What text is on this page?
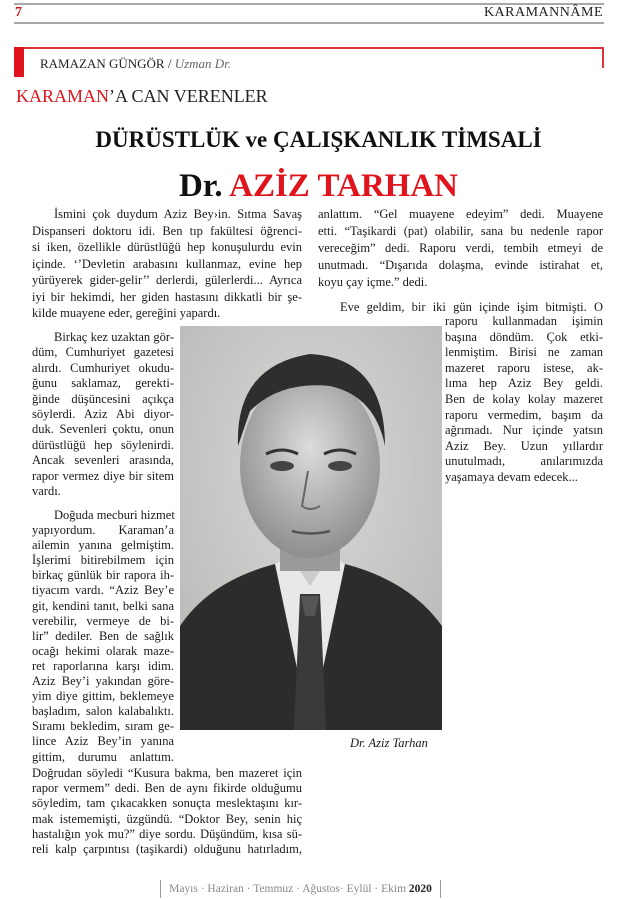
7	KARAMANNÂME
RAMAZAN GÜNGÖR / Uzman Dr.
KARAMAN’A CAN VERENLER
DÜRÜSTLÜK ve ÇALIŞKANLIK TİMSALİ
Dr. AZİZ TARHAN
İsmini çok duydum Aziz Bey›in. Sıtma Savaş
Dispanseri doktoru idi. Ben tıp fakültesi öğrenci-
si iken, özellikle dürüstlüğü hep konuşulurdu evin
içinde. ‘’Devletin arabasını kullanmaz, evine hep
yürüyerek gider-gelir’’ derlerdi, gülerlerdi... Ayrıca
iyi bir hekimdi, her giden hastasını dikkatli bir şe-
kilde muayene eder, gereğini yapardı.
Birkaç kez uzaktan gör-
düm, Cumhuriyet gazetesi
alırdı. Cumhuriyet okudu-
ğunu saklamaz, gerekti-
ğinde düşüncesini açıkça
söylerdi. Aziz Abi diyor-
duk. Sevenleri çoktu, onun
dürüstlüğü hep söylenirdi.
Ancak sevenleri arasında,
rapor vermez diye bir sitem
vardı.
Doğuda mecburi hizmet
yapıyordum. Karaman’a
ailemin yanına gelmiştim.
İşlerimi bitirebilmem için
birkaç günlük bir rapora ih-
tiyacım vardı. “Aziz Bey’e
git, kendini tanıt, belki sana
verebilir, vermeye de bi-
lir” dediler. Ben de sağlık
ocağı hekimi olarak maze-
ret raporlarına karşı idim.
Aziz Bey’i yakından göre-
yim diye gittim, beklemeye
başladım, salon kalabalıktı.
Sıramı bekledim, sıram ge-
lince Aziz Bey’in yanına
gittim, durumu anlattım.
Doğrudan söyledi “Kusura bakma, ben mazeret için
rapor vermem” dedi. Ben de aynı fikirde olduğumu
söyledim, tam çıkacakken sonuçta meslektaşını kır-
mak istememişti, üzgündü. “Doktor Bey, senin hiç
hastalığın yok mu?” diye sordu. Düşündüm, kısa sü-
reli kalp çarpıntısı (taşikardi) olduğunu hatırladım,
anlattım. “Gel muayene edeyim” dedi. Muayene
etti. “Taşikardi (pat) olabilir, sana bu nedenle rapor
vereceğim” dedi. Raporu verdi, tembih etmeyi de
unutmadı. “Dışarıda dolaşma, evinde istirahat et,
koyu çay içme.” dedi.
Eve geldim, bir iki gün içinde işim bitmişti. O
raporu kullanmadan işimin
başına döndüm. Çok etki-
lenmiştim. Birisi ne zaman
mazeret raporu istese, ak-
lıma hep Aziz Bey geldi.
Ben de kolay kolay mazeret
raporu vermedim, başım da
ağrımadı. Nur içinde yatsın
Aziz Bey. Uzun yıllardır
unutulmadı, anılarımızda
yaşamaya devam edecek...
Dr. Aziz Tarhan
Mayıs · Haziran · Temmuz · Ağustos· Eylül · Ekim 2020
